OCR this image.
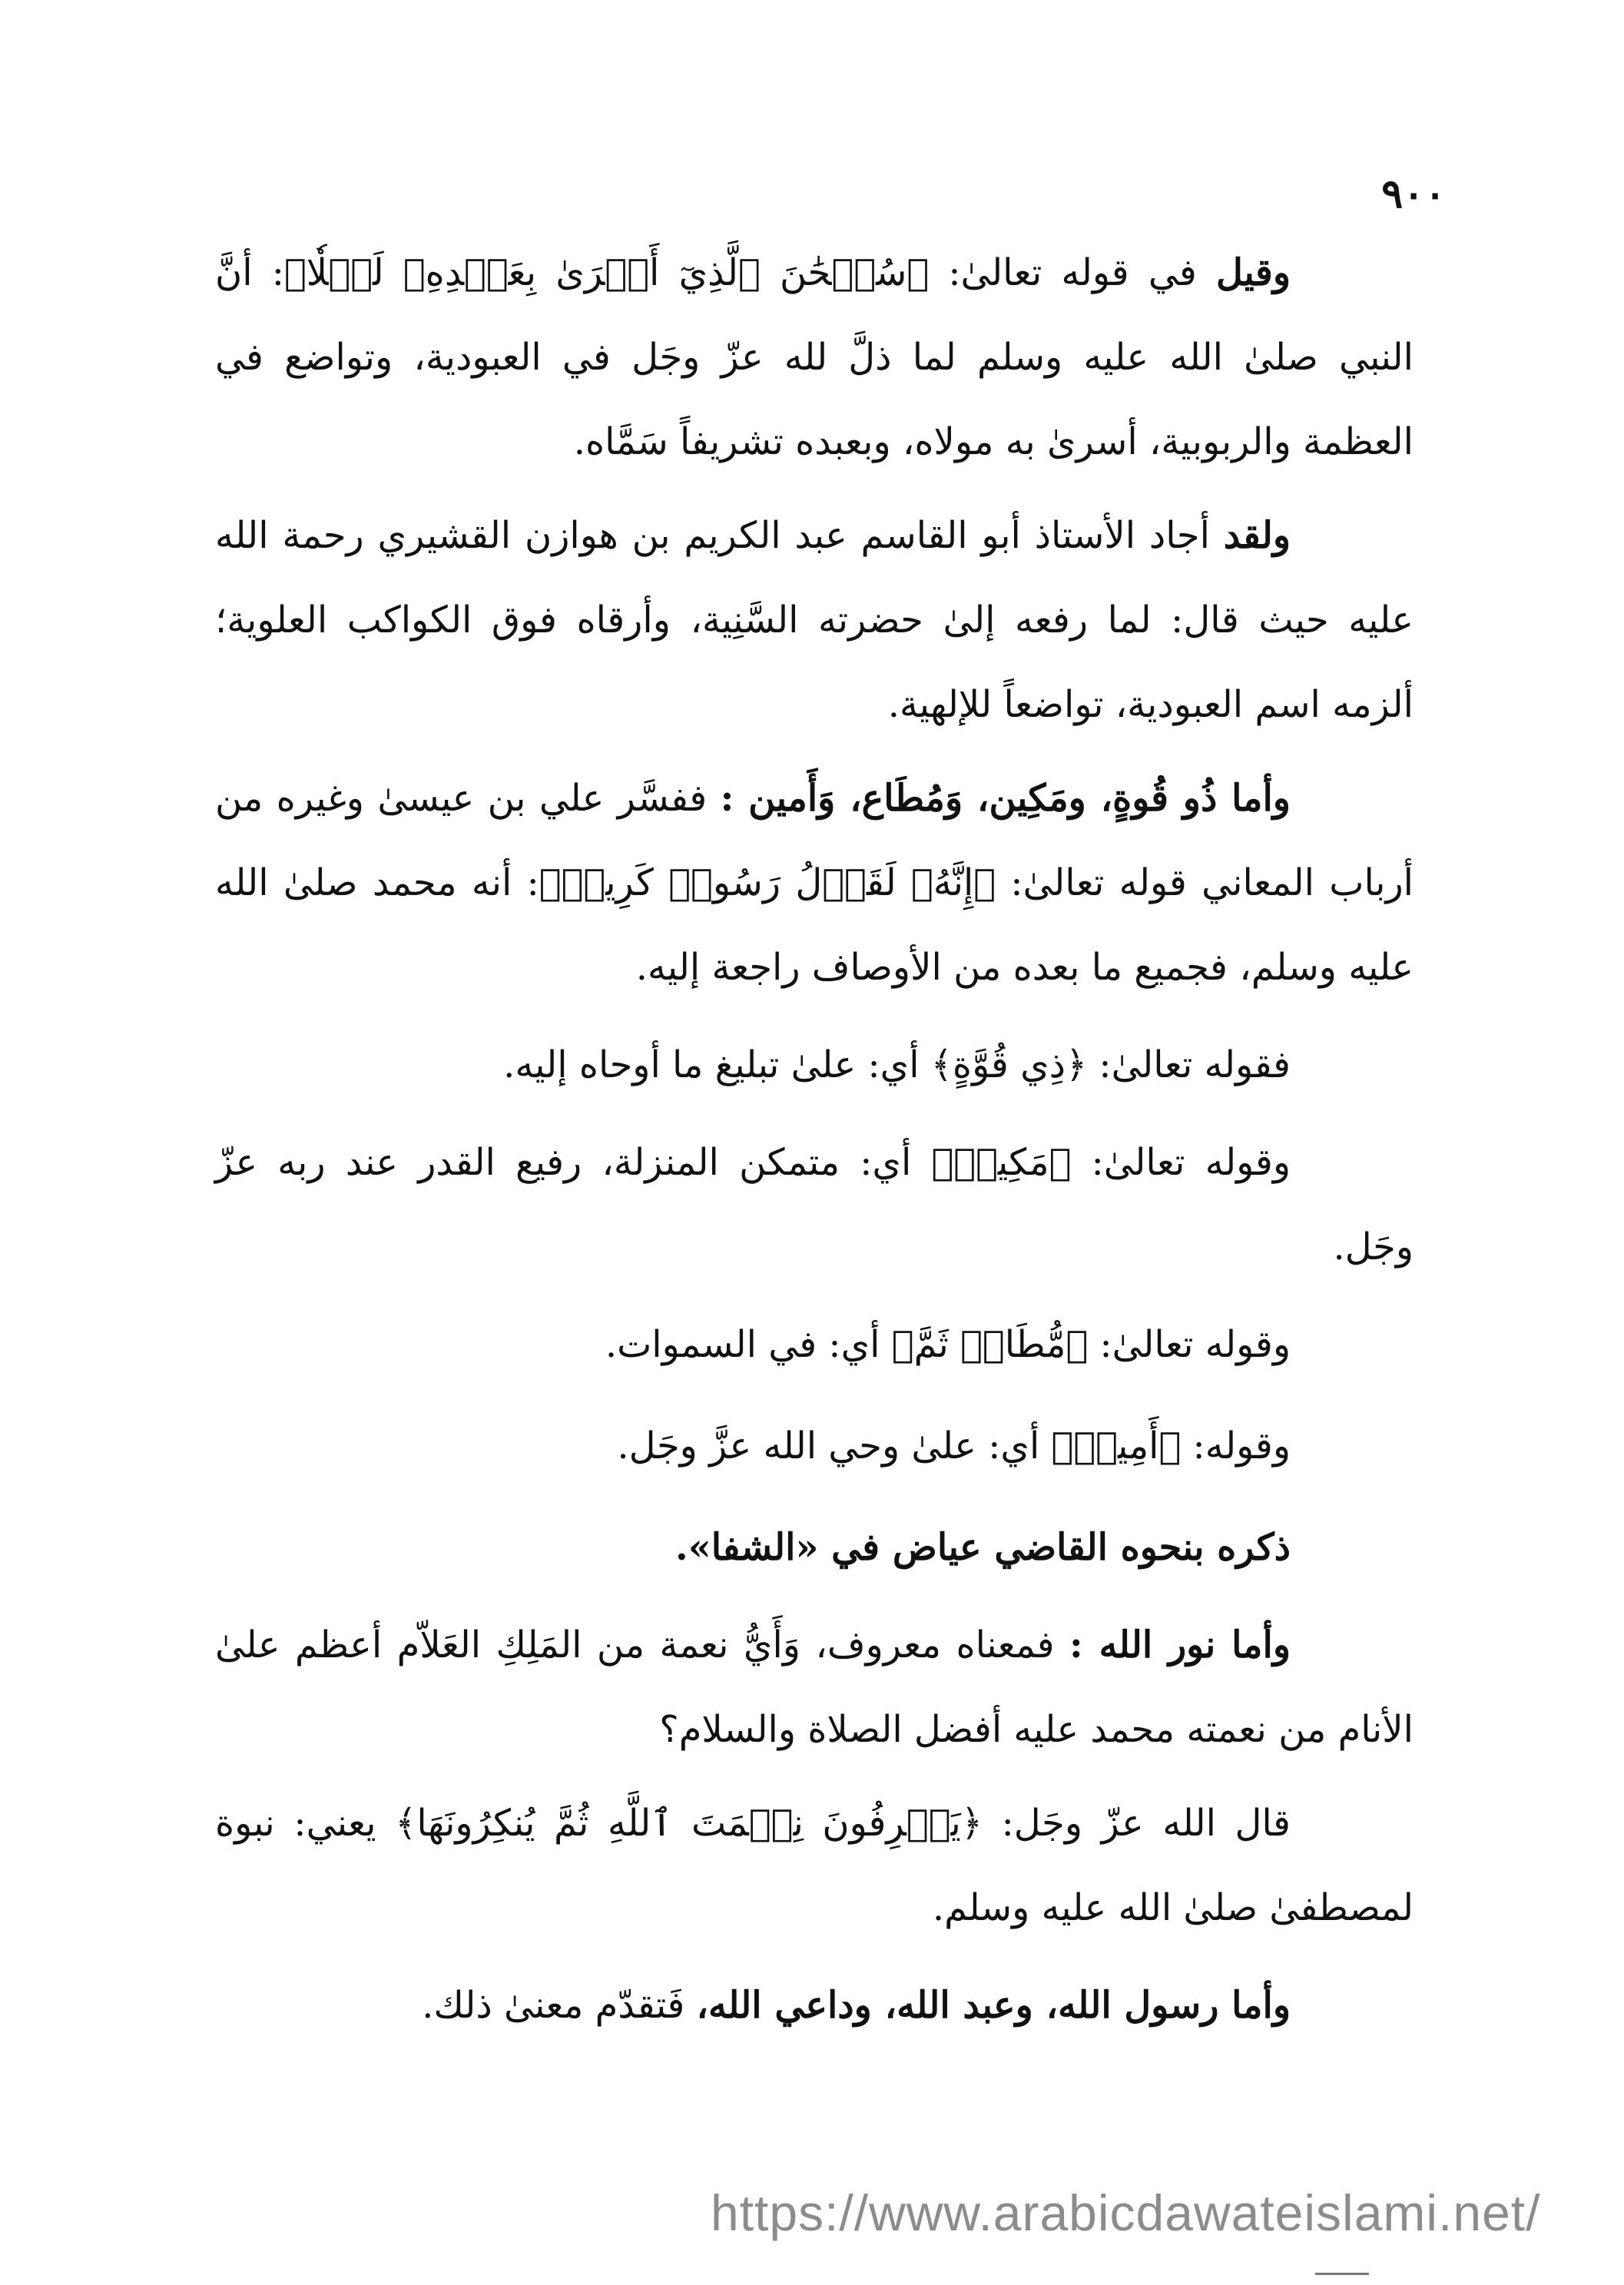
٩٠٠

وقيل في قوله تعالىٰ: ﴿سُبۡحَٰنَ ٱلَّذِيٓ أَسۡرَىٰ بِعَبۡدِهِۦ لَيۡلٗا﴾: أنَّ النبي صلىٰ الله عليه وسلم لما ذلَّ لله عزّ وجَل في العبودية، وتواضع في العظمة والربوبية، أسرىٰ به مولاه، وبعبده تشريفاً سَمَّاه.

ولقد أجاد الأستاذ أبو القاسم عبد الكريم بن هوازن القشيري رحمة الله عليه حيث قال: لما رفعه إلىٰ حضرته السَّنِية، وأرقاه فوق الكواكب العلوية؛ ألزمه اسم العبودية، تواضعاً للإلهية.

وأما ذُو قُوةٍ، ومَكِين، وَمُطَاع، وَأَمين : ففسَّر علي بن عيسىٰ وغيره من أرباب المعاني قوله تعالىٰ: ﴿إِنَّهُۥ لَقَوۡلُ رَسُولٖ كَرِيمٖ﴾: أنه محمد صلىٰ الله عليه وسلم، فجميع ما بعده من الأوصاف راجعة إليه.

فقوله تعالىٰ: ﴿ذِي قُوَّةٍ﴾ أي: علىٰ تبليغ ما أوحاه إليه.

وقوله تعالىٰ: ﴿مَكِينٖ﴾ أي: متمكن المنزلة، رفيع القدر عند ربه عزّ وجَل.

وقوله تعالىٰ: ﴿مُّطَاعٖ ثَمَّ﴾ أي: في السموات.

وقوله: ﴿أَمِينٖ﴾ أي: علىٰ وحي الله عزَّ وجَل.

ذكره بنحوه القاضي عياض في «الشفا».

وأما نور الله : فمعناه معروف، وَأَيُّ نعمة من المَلِكِ العَلاّم أعظم علىٰ الأنام من نعمته محمد عليه أفضل الصلاة والسلام؟

قال الله عزّ وجَل: ﴿يَعۡرِفُونَ نِعۡمَتَ ٱللَّهِ ثُمَّ يُنكِرُونَهَا﴾ يعني: نبوة لمصطفىٰ صلىٰ الله عليه وسلم.

وأما رسول الله، وعبد الله، وداعي الله، فَتقدّم معنىٰ ذلك.

https://www.arabicdawateislami.net/
